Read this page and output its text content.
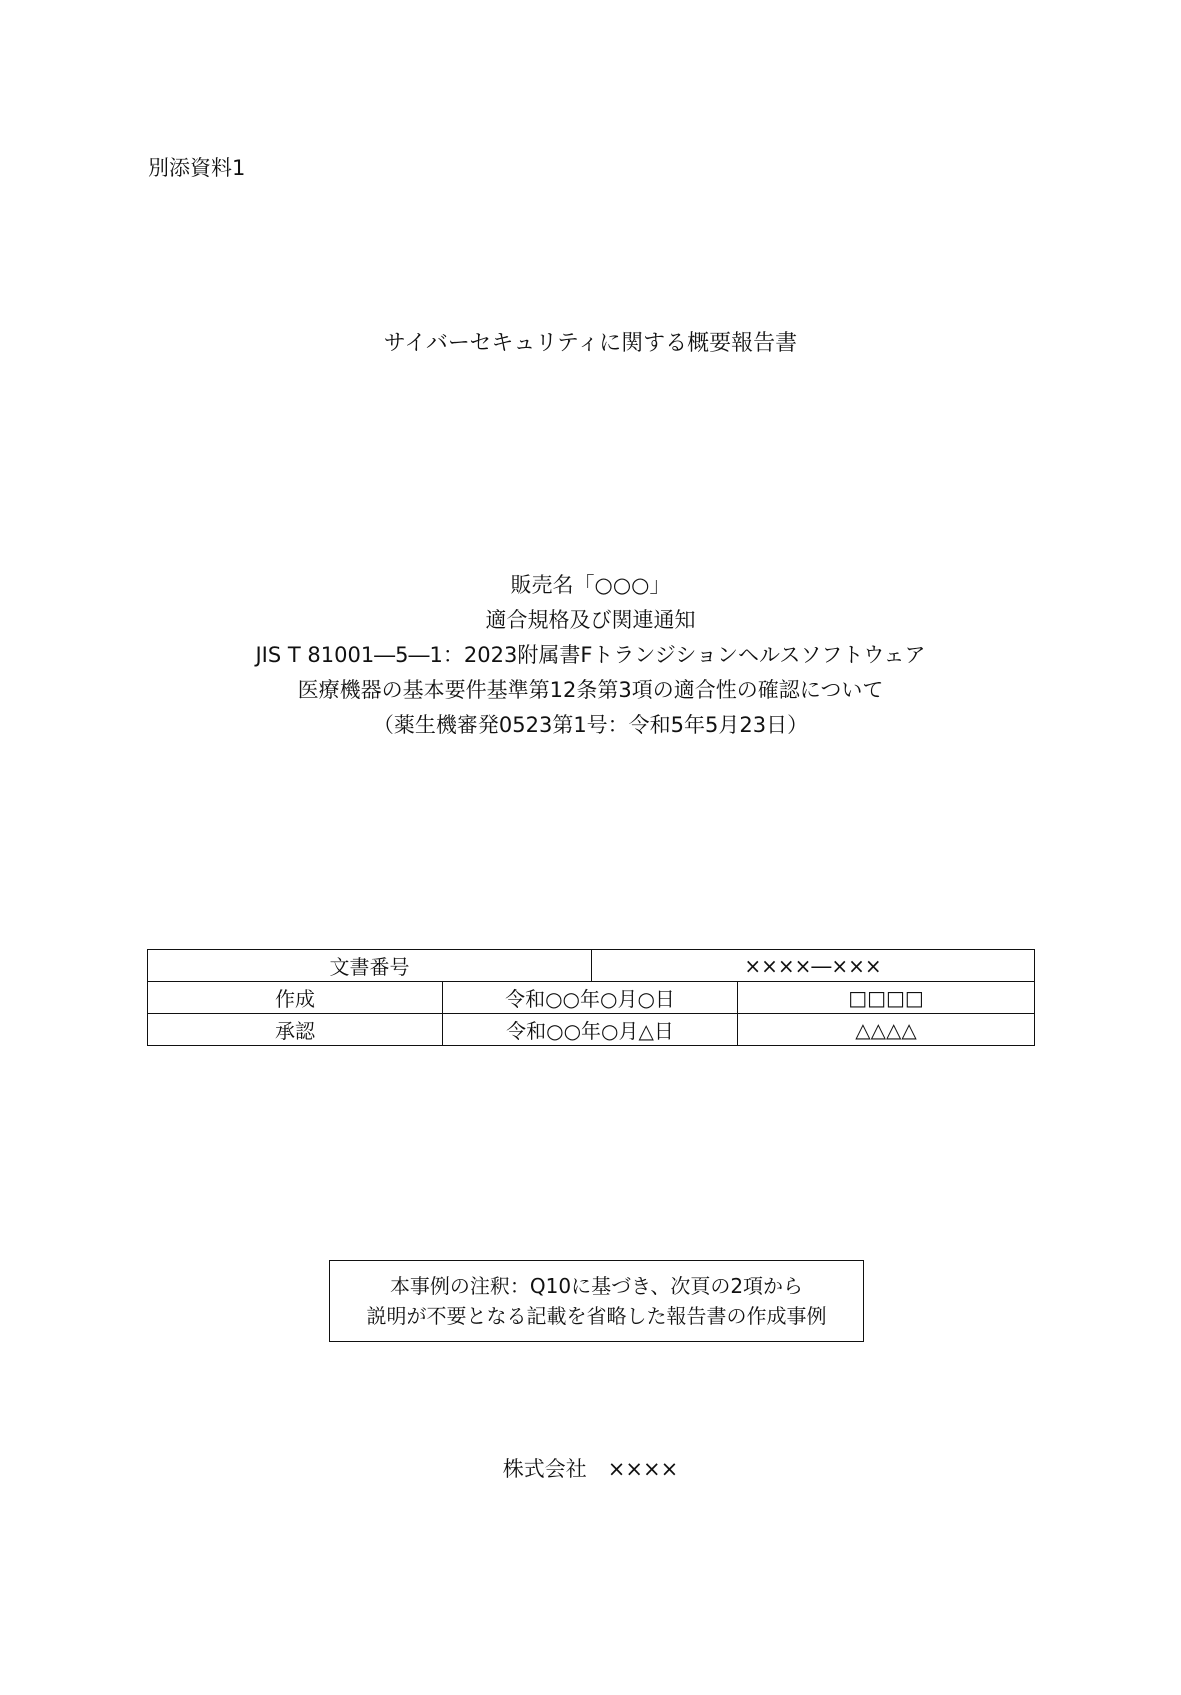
別添資料1
サイバーセキュリティに関する概要報告書
販売名「○○○」
適合規格及び関連通知
JIS T 81001―5―1：2023附属書Fトランジションヘルスソフトウェア
医療機器の基本要件基準第12条第3項の適合性の確認について
（薬生機審発0523第1号：令和5年5月23日）
文書番号		××××―×××	
作成	令和○○年○月○日		□□□□
承認	令和○○年○月△日		△△△△
本事例の注釈：Q10に基づき、次頁の2項から
説明が不要となる記載を省略した報告書の作成事例
株式会社　××××
